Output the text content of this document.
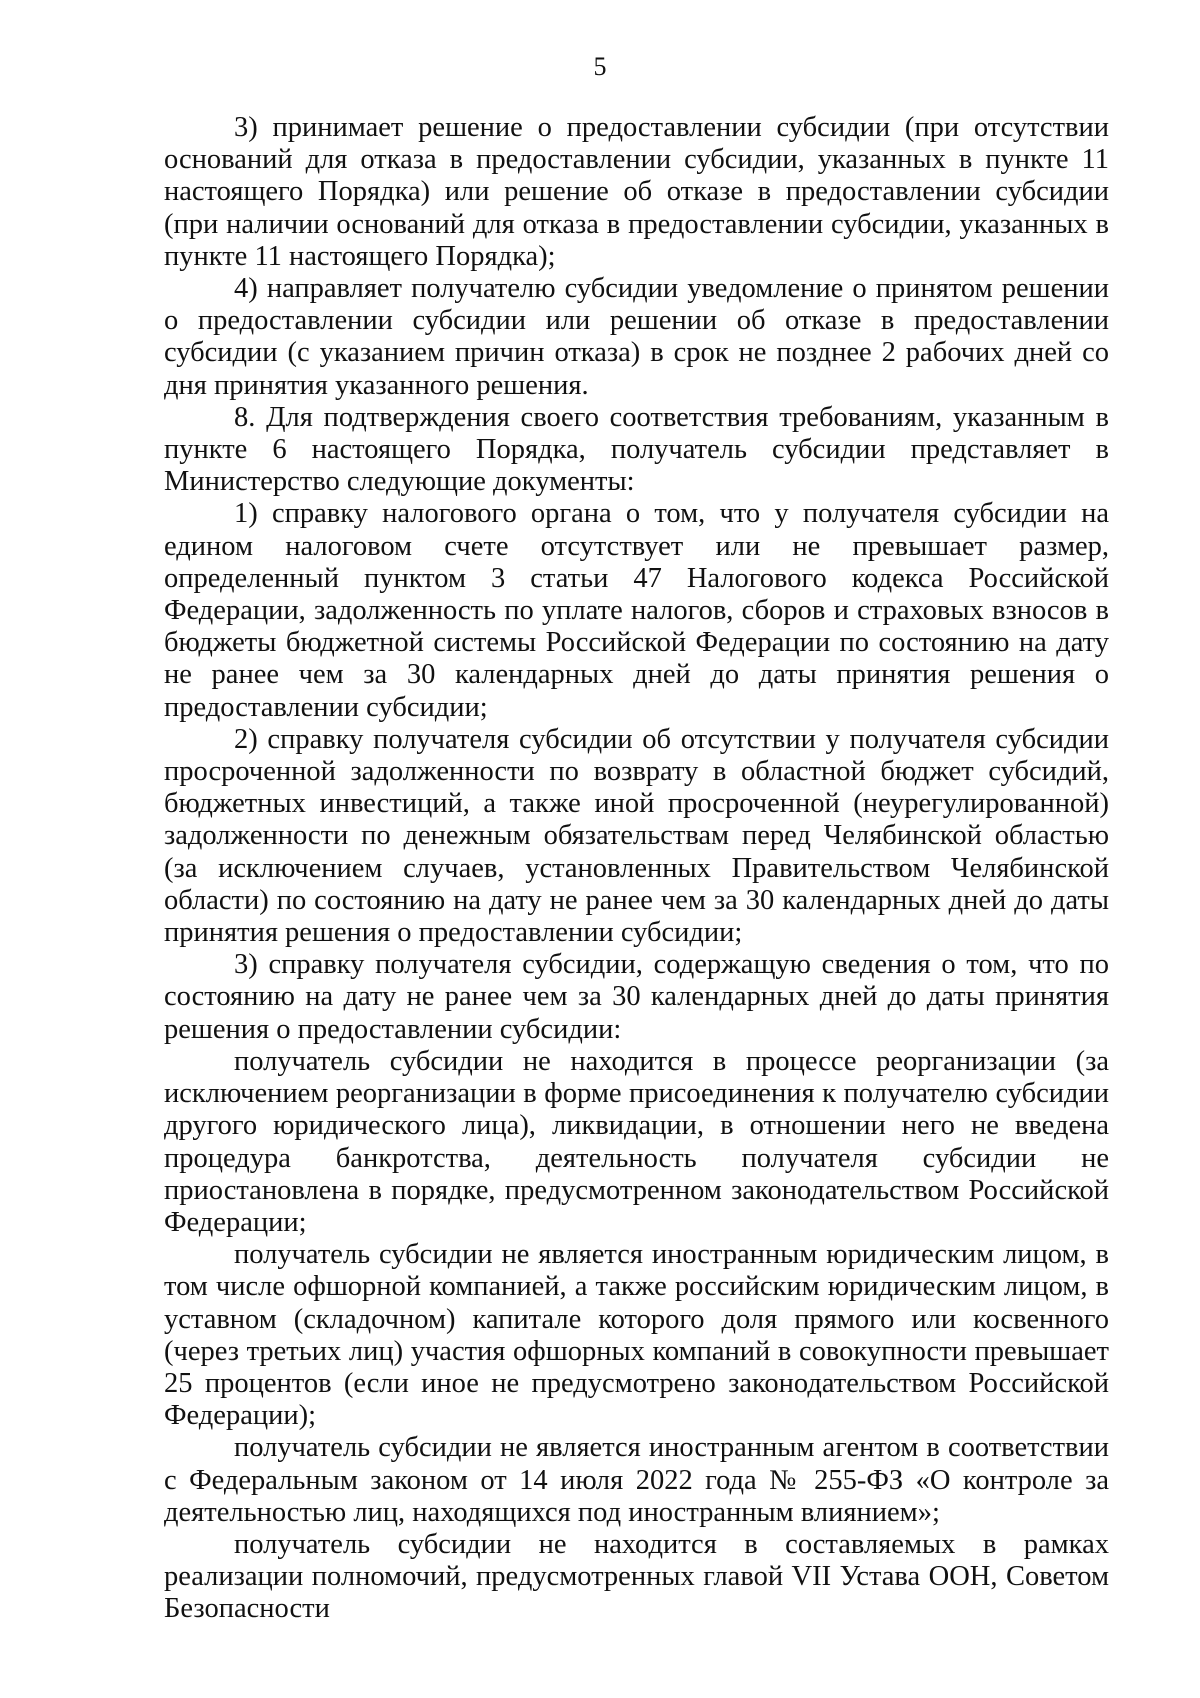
5

3) принимает решение о предоставлении субсидии (при отсутствии оснований для отказа в предоставлении субсидии, указанных в пункте 11 настоящего Порядка) или решение об отказе в предоставлении субсидии (при наличии оснований для отказа в предоставлении субсидии, указанных в пункте 11 настоящего Порядка);

4) направляет получателю субсидии уведомление о принятом решении о предоставлении субсидии или решении об отказе в предоставлении субсидии (с указанием причин отказа) в срок не позднее 2 рабочих дней со дня принятия указанного решения.

8. Для подтверждения своего соответствия требованиям, указанным в пункте 6 настоящего Порядка, получатель субсидии представляет в Министерство следующие документы:

1) справку налогового органа о том, что у получателя субсидии на едином налоговом счете отсутствует или не превышает размер, определенный пунктом 3 статьи 47 Налогового кодекса Российской Федерации, задолженность по уплате налогов, сборов и страховых взносов в бюджеты бюджетной системы Российской Федерации по состоянию на дату не ранее чем за 30 календарных дней до даты принятия решения о предоставлении субсидии;

2) справку получателя субсидии об отсутствии у получателя субсидии просроченной задолженности по возврату в областной бюджет субсидий, бюджетных инвестиций, а также иной просроченной (неурегулированной) задолженности по денежным обязательствам перед Челябинской областью (за исключением случаев, установленных Правительством Челябинской области) по состоянию на дату не ранее чем за 30 календарных дней до даты принятия решения о предоставлении субсидии;

3) справку получателя субсидии, содержащую сведения о том, что по состоянию на дату не ранее чем за 30 календарных дней до даты принятия решения о предоставлении субсидии:

получатель субсидии не находится в процессе реорганизации (за исключением реорганизации в форме присоединения к получателю субсидии другого юридического лица), ликвидации, в отношении него не введена процедура банкротства, деятельность получателя субсидии не приостановлена в порядке, предусмотренном законодательством Российской Федерации;

получатель субсидии не является иностранным юридическим лицом, в том числе офшорной компанией, а также российским юридическим лицом, в уставном (складочном) капитале которого доля прямого или косвенного (через третьих лиц) участия офшорных компаний в совокупности превышает 25 процентов (если иное не предусмотрено законодательством Российской Федерации);

получатель субсидии не является иностранным агентом в соответствии с Федеральным законом от 14 июля 2022 года № 255-ФЗ «О контроле за деятельностью лиц, находящихся под иностранным влиянием»;

получатель субсидии не находится в составляемых в рамках реализации полномочий, предусмотренных главой VII Устава ООН, Советом Безопасности
